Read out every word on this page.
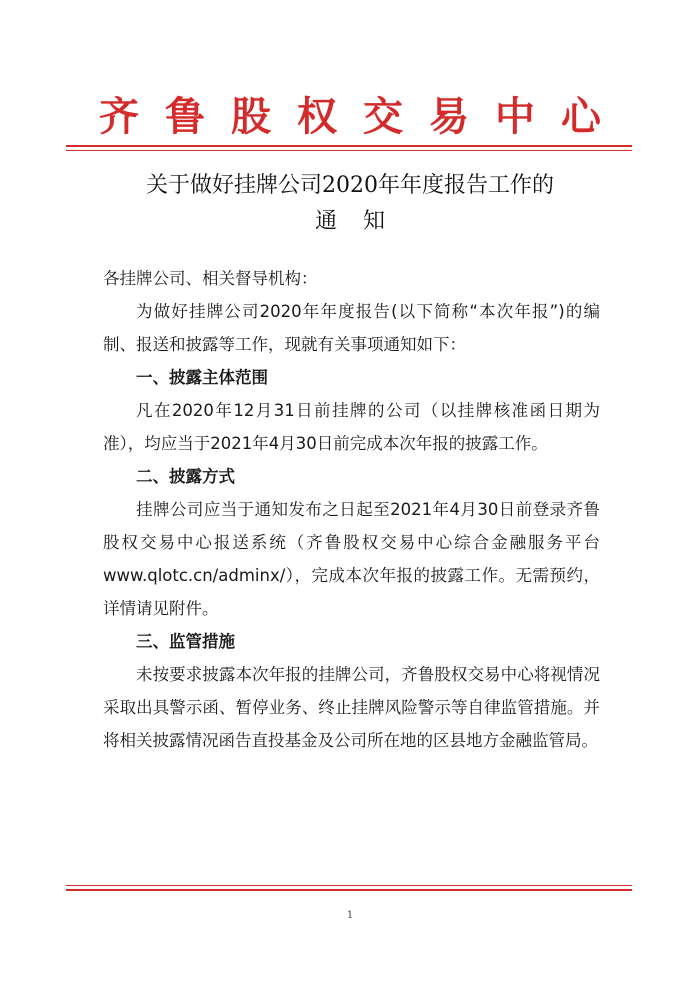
齐鲁股权交易中心
关于做好挂牌公司2020年年度报告工作的
通知

各挂牌公司、相关督导机构：

为做好挂牌公司2020年年度报告(以下简称“本次年报”)的编制、报送和披露等工作，现就有关事项通知如下：

一、披露主体范围

凡在2020年12月31日前挂牌的公司（以挂牌核准函日期为准），均应当于2021年4月30日前完成本次年报的披露工作。

二、披露方式

挂牌公司应当于通知发布之日起至2021年4月30日前登录齐鲁股权交易中心报送系统（齐鲁股权交易中心综合金融服务平台www.qlotc.cn/adminx/），完成本次年报的披露工作。无需预约，详情请见附件。

三、监管措施

未按要求披露本次年报的挂牌公司，齐鲁股权交易中心将视情况采取出具警示函、暂停业务、终止挂牌风险警示等自律监管措施。并将相关披露情况函告直投基金及公司所在地的区县地方金融监管局。

1
